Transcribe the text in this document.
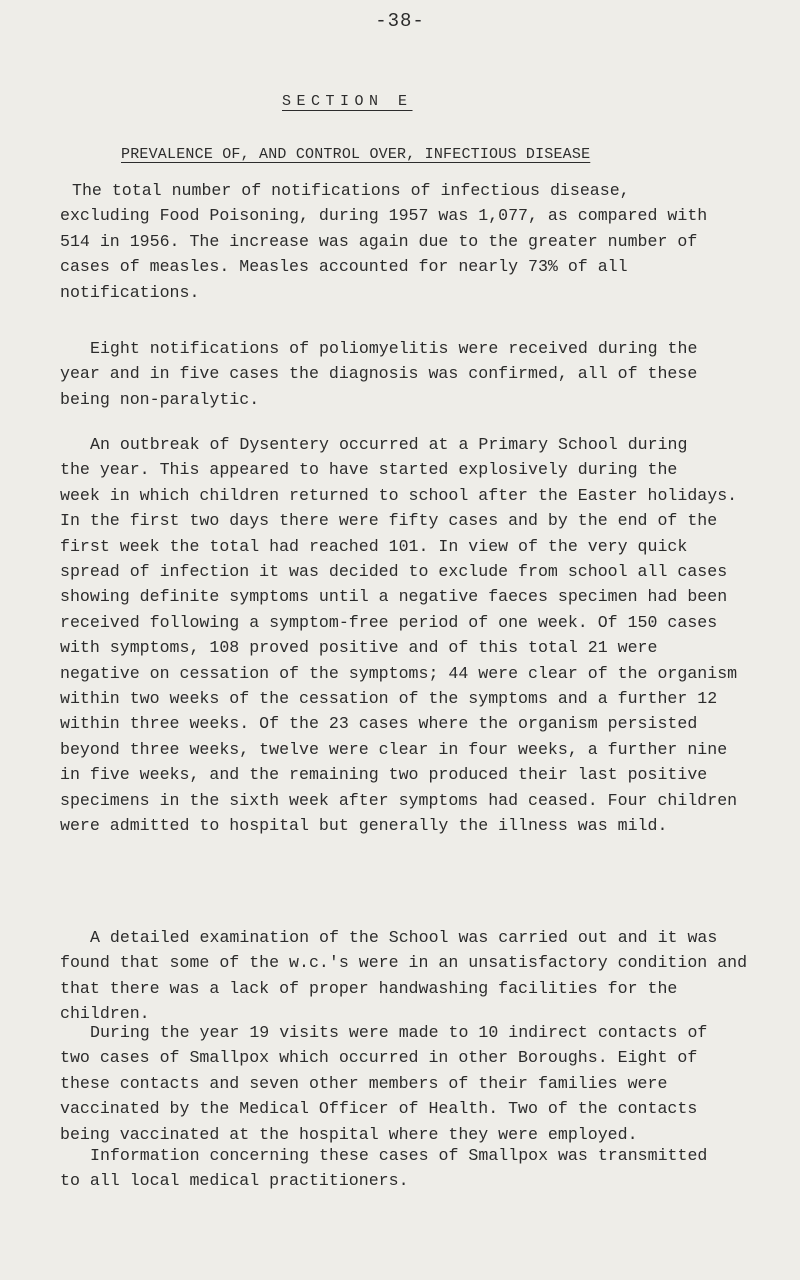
-38-
SECTION E
PREVALENCE OF, AND CONTROL OVER, INFECTIOUS DISEASE

The total number of notifications of infectious disease,
excluding Food Poisoning, during 1957 was 1,077, as compared with
514 in 1956. The increase was again due to the greater number of
cases of measles. Measles accounted for nearly 73% of all
notifications.

Eight notifications of poliomyelitis were received during the
year and in five cases the diagnosis was confirmed, all of these
being non-paralytic.

An outbreak of Dysentery occurred at a Primary School during
the year. This appeared to have started explosively during the
week in which children returned to school after the Easter holidays.
In the first two days there were fifty cases and by the end of the
first week the total had reached 101. In view of the very quick
spread of infection it was decided to exclude from school all cases
showing definite symptoms until a negative faeces specimen had been
received following a symptom-free period of one week. Of 150 cases
with symptoms, 108 proved positive and of this total 21 were
negative on cessation of the symptoms; 44 were clear of the organism
within two weeks of the cessation of the symptoms and a further 12
within three weeks. Of the 23 cases where the organism persisted
beyond three weeks, twelve were clear in four weeks, a further nine
in five weeks, and the remaining two produced their last positive
specimens in the sixth week after symptoms had ceased. Four children
were admitted to hospital but generally the illness was mild.

A detailed examination of the School was carried out and it was
found that some of the w.c.'s were in an unsatisfactory condition and
that there was a lack of proper handwashing facilities for the
children.

During the year 19 visits were made to 10 indirect contacts of
two cases of Smallpox which occurred in other Boroughs. Eight of
these contacts and seven other members of their families were
vaccinated by the Medical Officer of Health. Two of the contacts
being vaccinated at the hospital where they were employed.

Information concerning these cases of Smallpox was transmitted
to all local medical practitioners.
